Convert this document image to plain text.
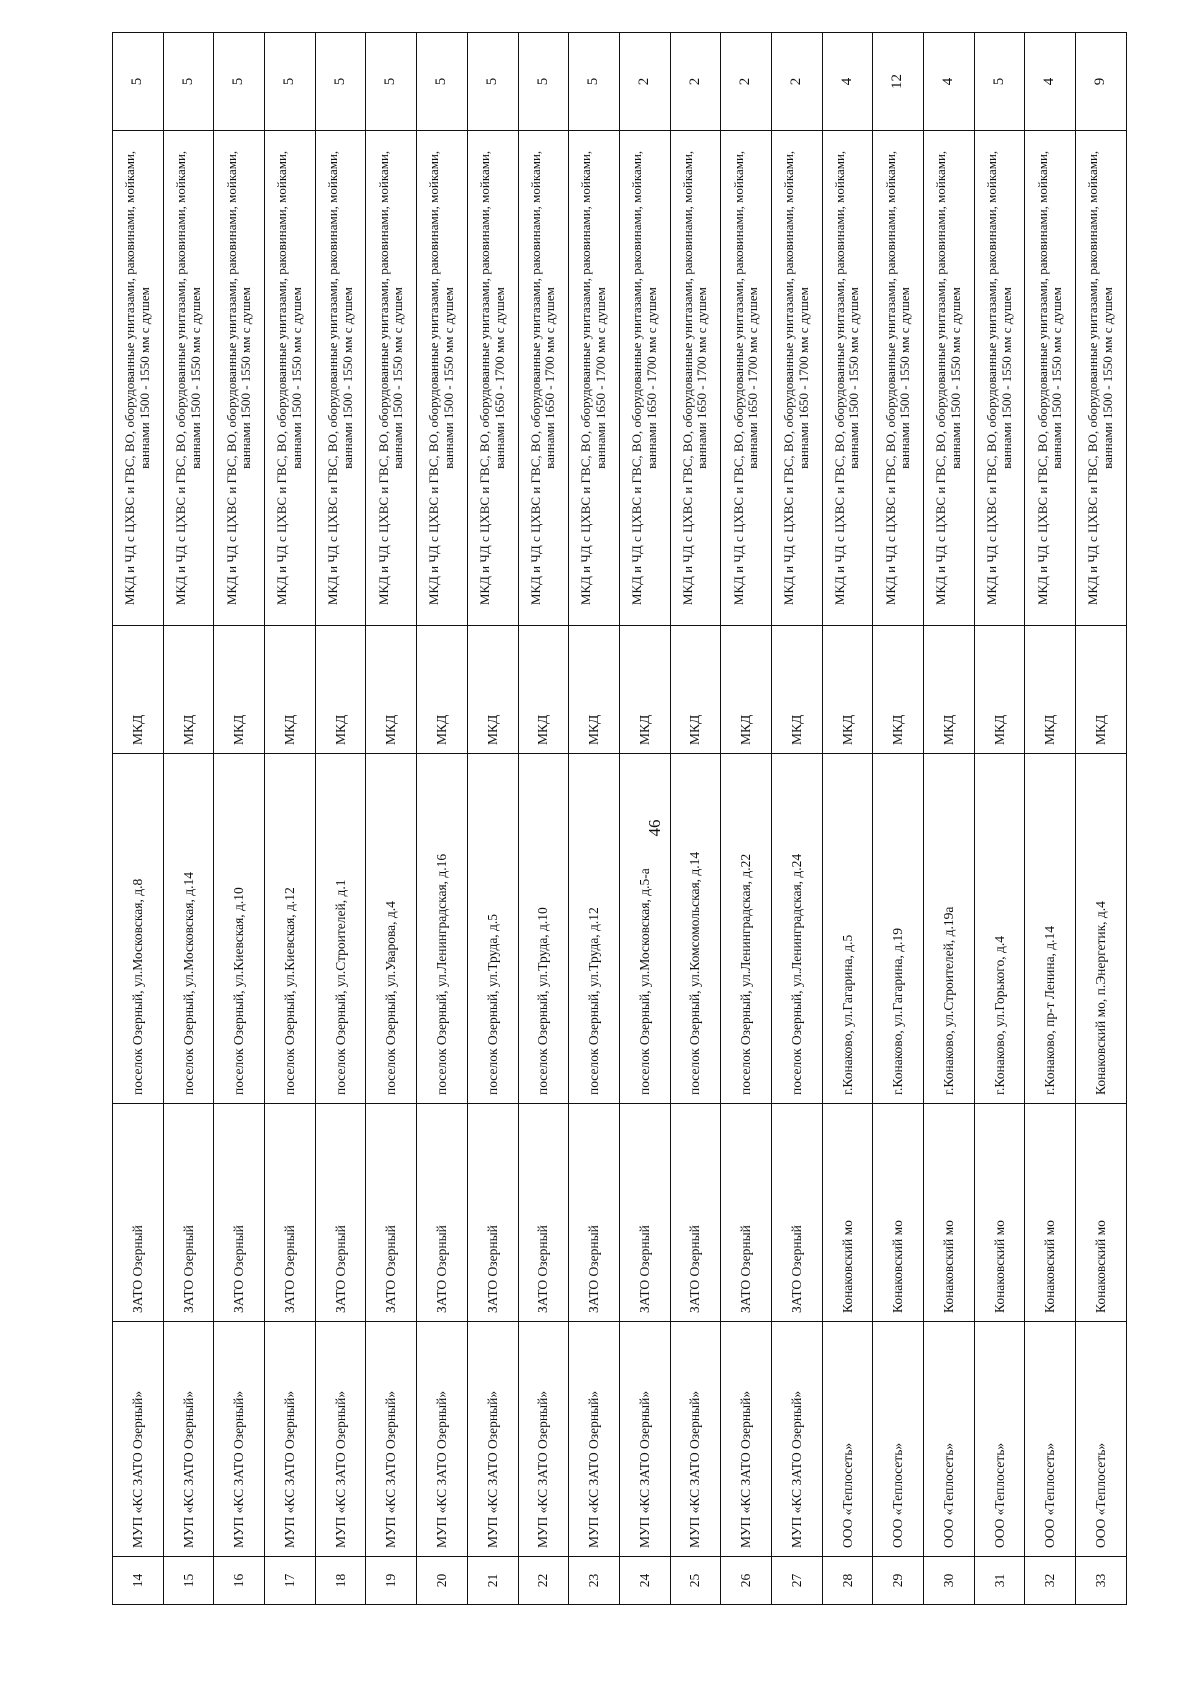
46
14	МУП «КС ЗАТО Озерный»	ЗАТО Озерный	поселок Озерный, ул.Московская, д.8	МКД	МКД и ЧД с ЦХВС и ГВС, ВО, оборудованные унитазами, раковинами, мойками, ваннами 1500 - 1550 мм с душем	5
15	МУП «КС ЗАТО Озерный»	ЗАТО Озерный	поселок Озерный, ул.Московская, д.14	МКД	МКД и ЧД с ЦХВС и ГВС, ВО, оборудованные унитазами, раковинами, мойками, ваннами 1500 - 1550 мм с душем	5
16	МУП «КС ЗАТО Озерный»	ЗАТО Озерный	поселок Озерный, ул.Киевская, д.10	МКД	МКД и ЧД с ЦХВС и ГВС, ВО, оборудованные унитазами, раковинами, мойками, ваннами 1500 - 1550 мм с душем	5
17	МУП «КС ЗАТО Озерный»	ЗАТО Озерный	поселок Озерный, ул.Киевская, д.12	МКД	МКД и ЧД с ЦХВС и ГВС, ВО, оборудованные унитазами, раковинами, мойками, ваннами 1500 - 1550 мм с душем	5
18	МУП «КС ЗАТО Озерный»	ЗАТО Озерный	поселок Озерный, ул.Строителей, д.1	МКД	МКД и ЧД с ЦХВС и ГВС, ВО, оборудованные унитазами, раковинами, мойками, ваннами 1500 - 1550 мм с душем	5
19	МУП «КС ЗАТО Озерный»	ЗАТО Озерный	поселок Озерный, ул.Уварова, д.4	МКД	МКД и ЧД с ЦХВС и ГВС, ВО, оборудованные унитазами, раковинами, мойками, ваннами 1500 - 1550 мм с душем	5
20	МУП «КС ЗАТО Озерный»	ЗАТО Озерный	поселок Озерный, ул.Ленинградская, д.16	МКД	МКД и ЧД с ЦХВС и ГВС, ВО, оборудованные унитазами, раковинами, мойками, ваннами 1500 - 1550 мм с душем	5
21	МУП «КС ЗАТО Озерный»	ЗАТО Озерный	поселок Озерный, ул.Труда, д.5	МКД	МКД и ЧД с ЦХВС и ГВС, ВО, оборудованные унитазами, раковинами, мойками, ваннами 1650 - 1700 мм с душем	5
22	МУП «КС ЗАТО Озерный»	ЗАТО Озерный	поселок Озерный, ул.Труда, д.10	МКД	МКД и ЧД с ЦХВС и ГВС, ВО, оборудованные унитазами, раковинами, мойками, ваннами 1650 - 1700 мм с душем	5
23	МУП «КС ЗАТО Озерный»	ЗАТО Озерный	поселок Озерный, ул.Труда, д.12	МКД	МКД и ЧД с ЦХВС и ГВС, ВО, оборудованные унитазами, раковинами, мойками, ваннами 1650 - 1700 мм с душем	5
24	МУП «КС ЗАТО Озерный»	ЗАТО Озерный	поселок Озерный, ул.Московская, д.5-а	МКД	МКД и ЧД с ЦХВС и ГВС, ВО, оборудованные унитазами, раковинами, мойками, ваннами 1650 - 1700 мм с душем	2
25	МУП «КС ЗАТО Озерный»	ЗАТО Озерный	поселок Озерный, ул.Комсомольская, д.14	МКД	МКД и ЧД с ЦХВС и ГВС, ВО, оборудованные унитазами, раковинами, мойками, ваннами 1650 - 1700 мм с душем	2
26	МУП «КС ЗАТО Озерный»	ЗАТО Озерный	поселок Озерный, ул.Ленинградская, д.22	МКД	МКД и ЧД с ЦХВС и ГВС, ВО, оборудованные унитазами, раковинами, мойками, ваннами 1650 - 1700 мм с душем	2
27	МУП «КС ЗАТО Озерный»	ЗАТО Озерный	поселок Озерный, ул.Ленинградская, д.24	МКД	МКД и ЧД с ЦХВС и ГВС, ВО, оборудованные унитазами, раковинами, мойками, ваннами 1650 - 1700 мм с душем	2
28	ООО «Теплосеть»	Конаковский мо	г.Конаково, ул.Гагарина, д.5	МКД	МКД и ЧД с ЦХВС и ГВС, ВО, оборудованные унитазами, раковинами, мойками, ваннами 1500 - 1550 мм с душем	4
29	ООО «Теплосеть»	Конаковский мо	г.Конаково, ул.Гагарина, д.19	МКД	МКД и ЧД с ЦХВС и ГВС, ВО, оборудованные унитазами, раковинами, мойками, ваннами 1500 - 1550 мм с душем	12
30	ООО «Теплосеть»	Конаковский мо	г.Конаково, ул.Строителей, д.19а	МКД	МКД и ЧД с ЦХВС и ГВС, ВО, оборудованные унитазами, раковинами, мойками, ваннами 1500 - 1550 мм с душем	4
31	ООО «Теплосеть»	Конаковский мо	г.Конаково, ул.Горького, д.4	МКД	МКД и ЧД с ЦХВС и ГВС, ВО, оборудованные унитазами, раковинами, мойками, ваннами 1500 - 1550 мм с душем	5
32	ООО «Теплосеть»	Конаковский мо	г.Конаково, пр-т Ленина, д.14	МКД	МКД и ЧД с ЦХВС и ГВС, ВО, оборудованные унитазами, раковинами, мойками, ваннами 1500 - 1550 мм с душем	4
33	ООО «Теплосеть»	Конаковский мо	Конаковский мо, п.Энергетик, д.4	МКД	МКД и ЧД с ЦХВС и ГВС, ВО, оборудованные унитазами, раковинами, мойками, ваннами 1500 - 1550 мм с душем	9
